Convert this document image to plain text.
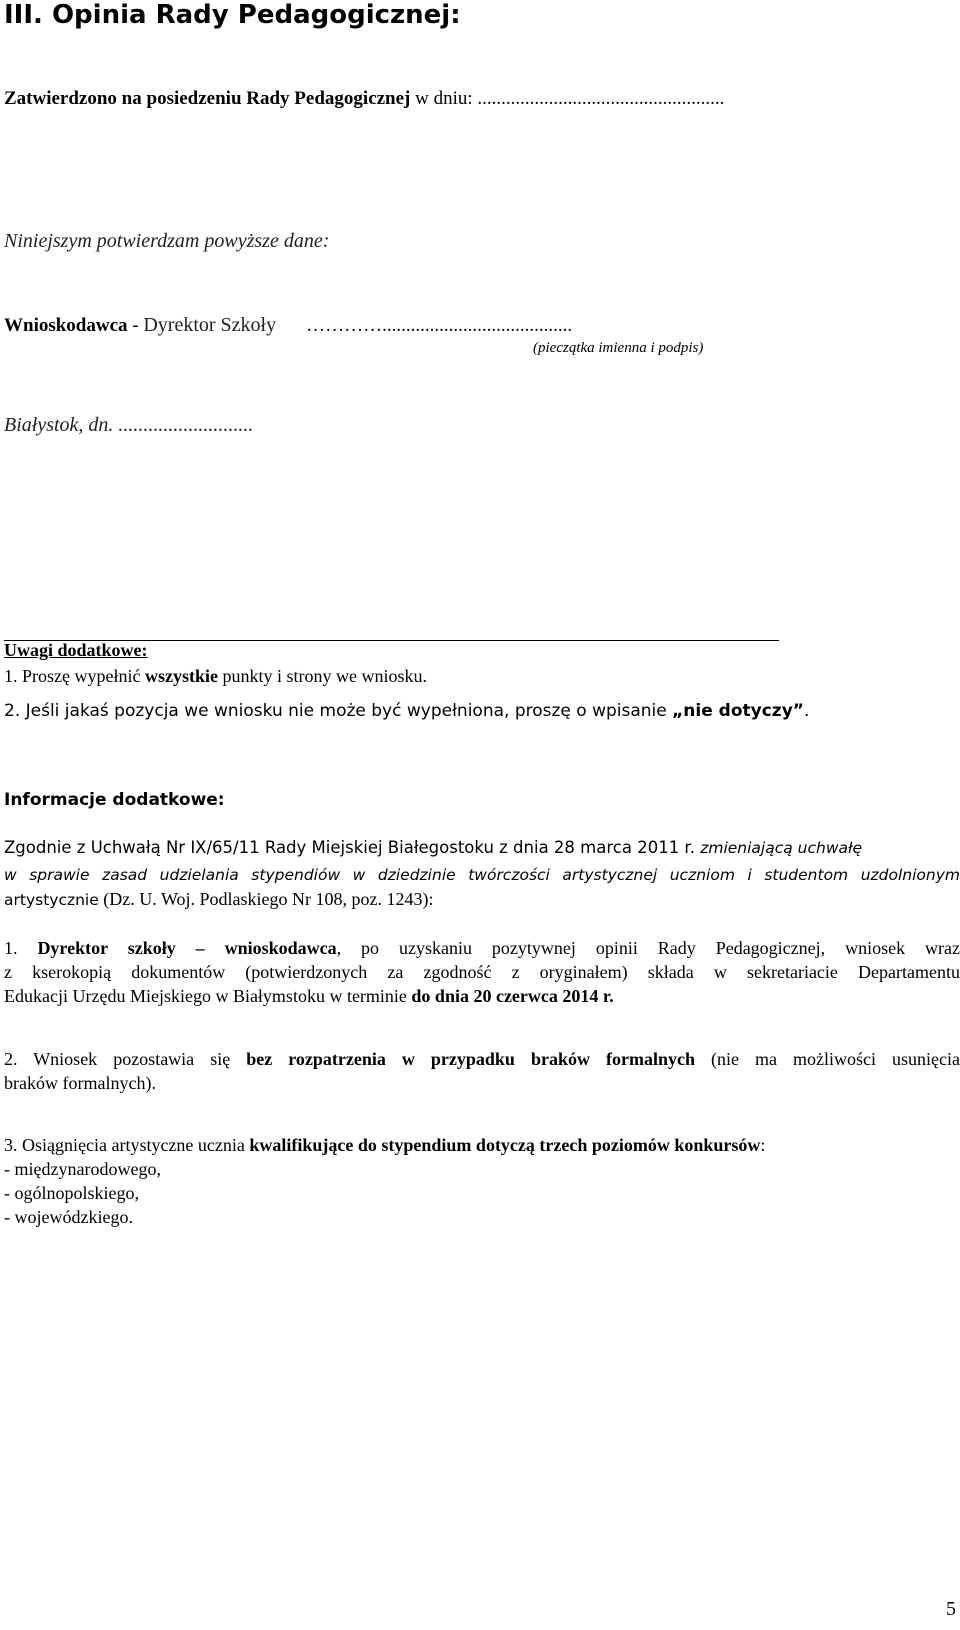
III. Opinia Rady Pedagogicznej:
Zatwierdzono na posiedzeniu Rady Pedagogicznej w dniu: ....................................................
Niniejszym potwierdzam powyższe dane:
Wnioskodawca - Dyrektor Szkoły …………........................................
(pieczątka imienna i podpis)
Białystok, dn. ...........................
Uwagi dodatkowe:
1. Proszę wypełnić wszystkie punkty i strony we wniosku.
2. Jeśli jakaś pozycja we wniosku nie może być wypełniona, proszę o wpisanie „nie dotyczy”.
Informacje dodatkowe:
Zgodnie z Uchwałą Nr IX/65/11 Rady Miejskiej Białegostoku z dnia 28 marca 2011 r. zmieniającą uchwałę
w sprawie zasad udzielania stypendiów w dziedzinie twórczości artystycznej uczniom i studentom uzdolnionym
artystycznie (Dz. U. Woj. Podlaskiego Nr 108, poz. 1243):
1. Dyrektor szkoły – wnioskodawca, po uzyskaniu pozytywnej opinii Rady Pedagogicznej, wniosek wraz
z kserokopią dokumentów (potwierdzonych za zgodność z oryginałem) składa w sekretariacie Departamentu
Edukacji Urzędu Miejskiego w Białymstoku w terminie do dnia 20 czerwca 2014 r.
2. Wniosek pozostawia się bez rozpatrzenia w przypadku braków formalnych (nie ma możliwości usunięcia
braków formalnych).
3. Osiągnięcia artystyczne ucznia kwalifikujące do stypendium dotyczą trzech poziomów konkursów:
- międzynarodowego,
- ogólnopolskiego,
- wojewódzkiego.
5
